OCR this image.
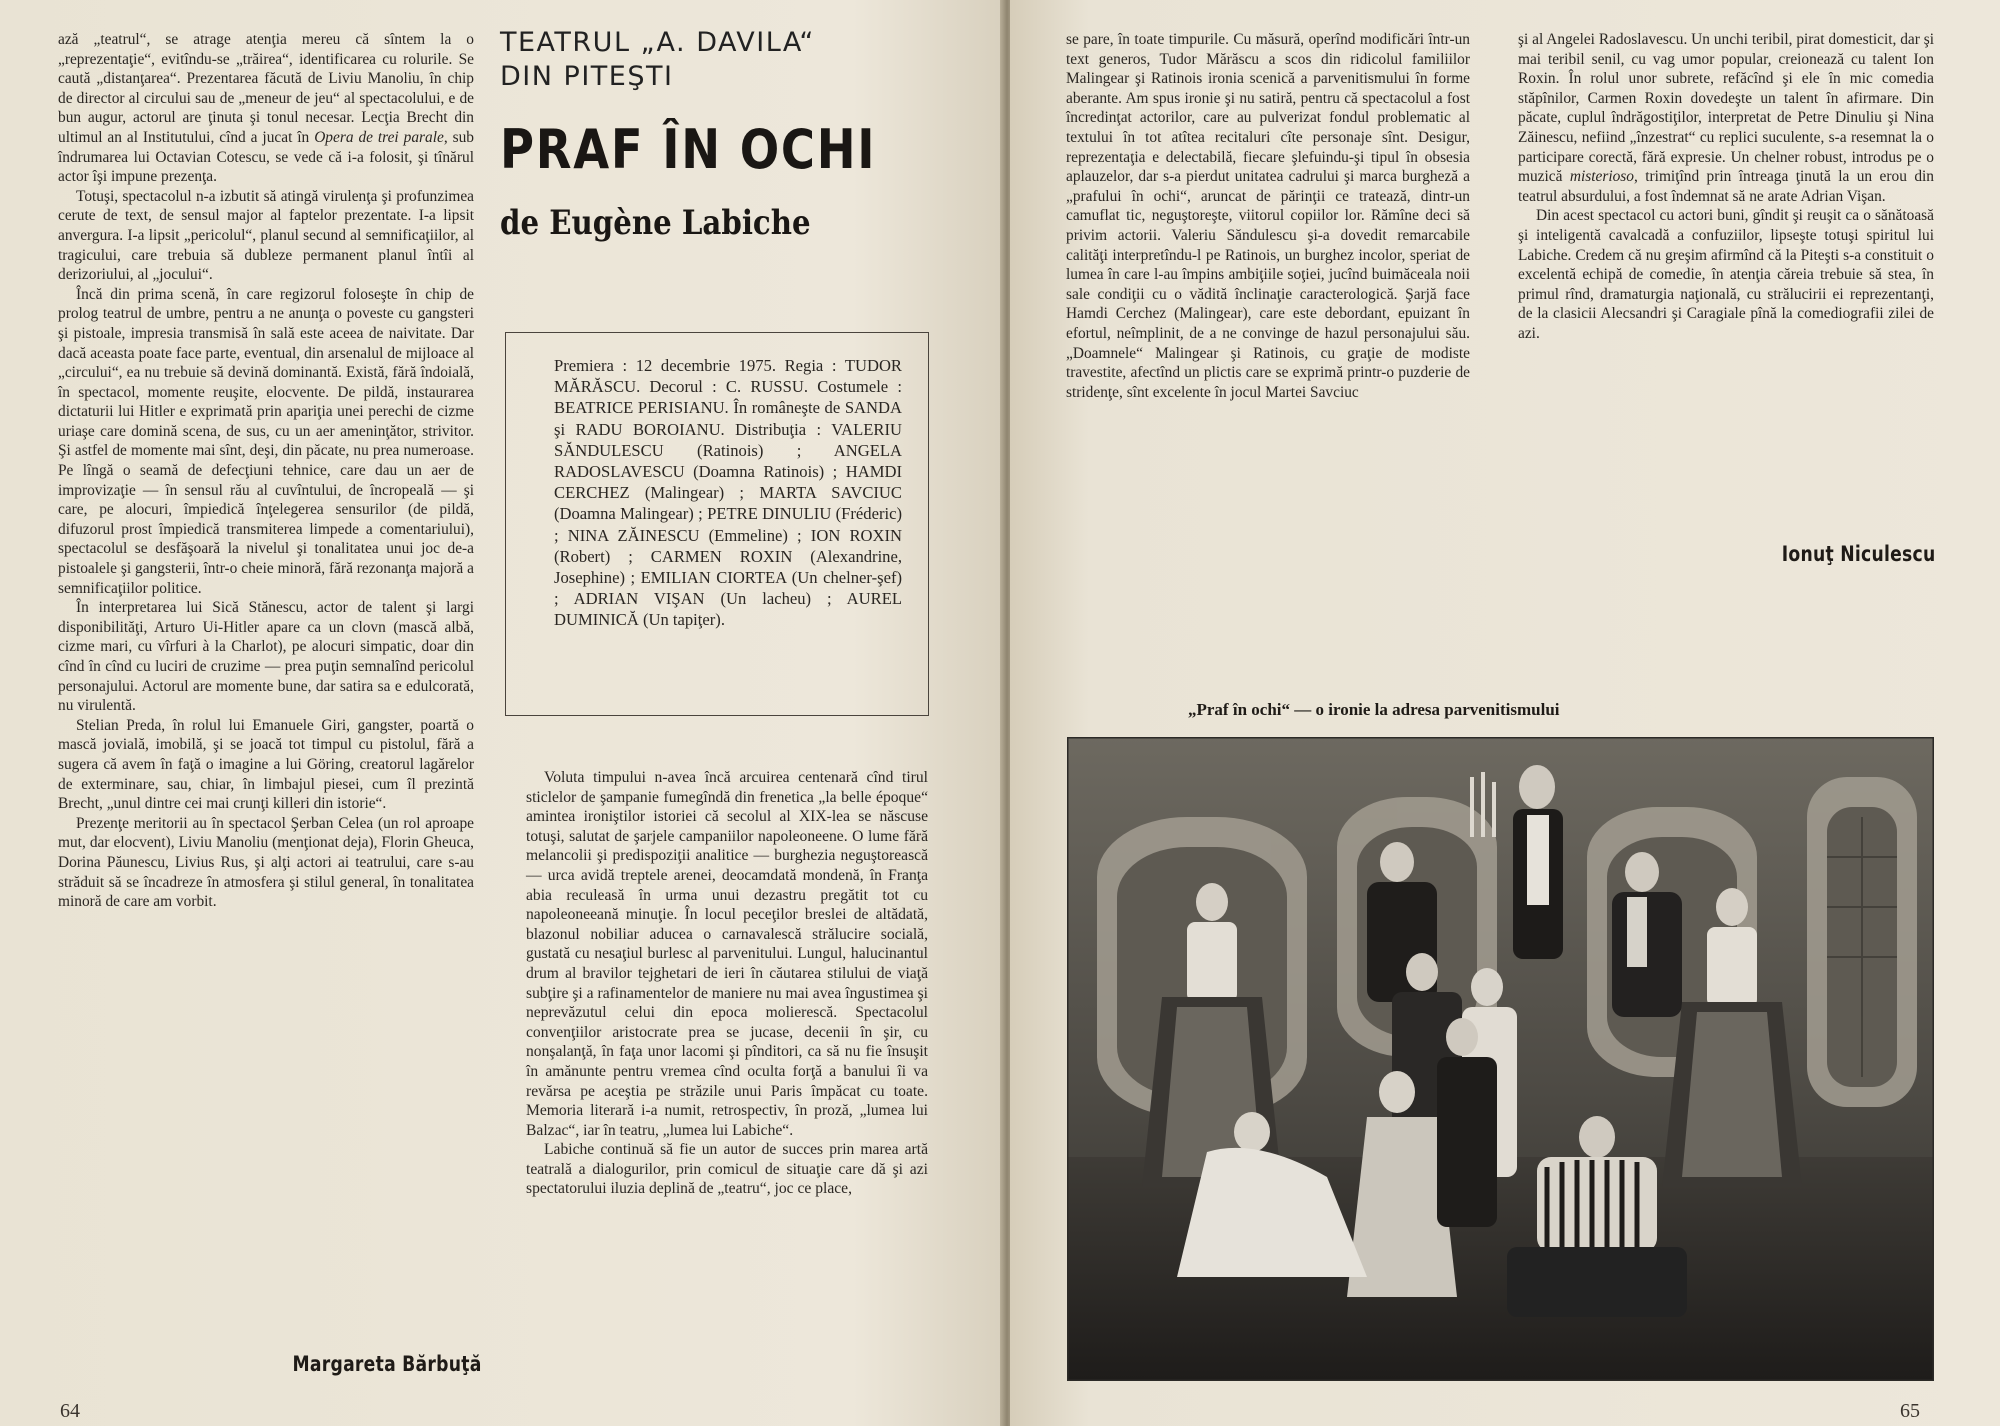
ază „teatrul“, se atrage atenţia mereu că sîntem la o „reprezentaţie“, evitîndu-se „trăirea“, identificarea cu rolurile. Se caută „distanţarea“. Prezentarea făcută de Liviu Manoliu, în chip de director al circului sau de „meneur de jeu“ al spectacolului, e de bun augur, actorul are ţinuta şi tonul necesar. Lecţia Brecht din ultimul an al Institutului, cînd a jucat în Opera de trei parale, sub îndrumarea lui Octavian Cotescu, se vede că i-a folosit, şi tînărul actor îşi impune prezenţa.

Totuşi, spectacolul n-a izbutit să atingă virulenţa şi profunzimea cerute de text, de sensul major al faptelor prezentate. I-a lipsit anvergura. I-a lipsit „pericolul“, planul secund al semnificaţiilor, al tragicului, care trebuia să dubleze permanent planul întîi al derizoriului, al „jocului“.

Încă din prima scenă, în care regizorul foloseşte în chip de prolog teatrul de umbre, pentru a ne anunţa o poveste cu gangsteri şi pistoale, impresia transmisă în sală este aceea de naivitate. Dar dacă aceasta poate face parte, eventual, din arsenalul de mijloace al „circului“, ea nu trebuie să devină dominantă. Există, fără îndoială, în spectacol, momente reuşite, elocvente. De pildă, instaurarea dictaturii lui Hitler e exprimată prin apariţia unei perechi de cizme uriaşe care domină scena, de sus, cu un aer ameninţător, strivitor. Şi astfel de momente mai sînt, deşi, din păcate, nu prea numeroase. Pe lîngă o seamă de defecţiuni tehnice, care dau un aer de improvizaţie — în sensul rău al cuvîntului, de încropeală — şi care, pe alocuri, împiedică înţelegerea sensurilor (de pildă, difuzorul prost împiedică transmiterea limpede a comentariului), spectacolul se desfăşoară la nivelul şi tonalitatea unui joc de-a pistoalele şi gangsterii, într-o cheie minoră, fără rezonanţa majoră a semnificaţiilor politice.

În interpretarea lui Sică Stănescu, actor de talent şi largi disponibilităţi, Arturo Ui-Hitler apare ca un clovn (mască albă, cizme mari, cu vîrfuri à la Charlot), pe alocuri simpatic, doar din cînd în cînd cu luciri de cruzime — prea puţin semnalînd pericolul personajului. Actorul are momente bune, dar satira sa e edulcorată, nu virulentă.

Stelian Preda, în rolul lui Emanuele Giri, gangster, poartă o mască jovială, imobilă, şi se joacă tot timpul cu pistolul, fără a sugera că avem în faţă o imagine a lui Göring, creatorul lagărelor de exterminare, sau, chiar, în limbajul piesei, cum îl prezintă Brecht, „unul dintre cei mai crunţi killeri din istorie“.

Prezenţe meritorii au în spectacol Şerban Celea (un rol aproape mut, dar elocvent), Liviu Manoliu (menţionat deja), Florin Gheuca, Dorina Păunescu, Livius Rus, şi alţi actori ai teatrului, care s-au străduit să se încadreze în atmosfera şi stilul general, în tonalitatea minoră de care am vorbit.

Margareta Bărbuţă
64
TEATRUL „A. DAVILA“
DIN PITEŞTI
PRAF ÎN OCHI
de Eugène Labiche

Premiera : 12 decembrie 1975. Regia : TUDOR MĂRĂSCU. Decorul : C. RUSSU. Costumele : BEATRICE PERISIANU. În româneşte de SANDA şi RADU BOROIANU. Distribuţia : VALERIU SĂNDULESCU (Ratinois) ; ANGELA RADOSLAVESCU (Doamna Ratinois) ; HAMDI CERCHEZ (Malingear) ; MARTA SAVCIUC (Doamna Malingear) ; PETRE DINULIU (Fréderic) ; NINA ZĂINESCU (Emmeline) ; ION ROXIN (Robert) ; CARMEN ROXIN (Alexandrine, Josephine) ; EMILIAN CIORTEA (Un chelner-şef) ; ADRIAN VIŞAN (Un lacheu) ; AUREL DUMINICĂ (Un tapiţer).

Voluta timpului n-avea încă arcuirea centenară cînd tirul sticlelor de şampanie fumegîndă din frenetica „la belle époque“ amintea ironiştilor istoriei că secolul al XIX-lea se născuse totuşi, salutat de şarjele campaniilor napoleoneene. O lume fără melancolii şi predispoziţii analitice — burghezia neguştorească — urca avidă treptele arenei, deocamdată mondenă, în Franţa abia reculeasă în urma unui dezastru pregătit tot cu napoleoneeană minuţie. În locul peceţilor breslei de altădată, blazonul nobiliar aducea o carnavalescă strălucire socială, gustată cu nesaţiul burlesc al parvenitului. Lungul, halucinantul drum al bravilor tejghetari de ieri în căutarea stilului de viaţă subţire şi a rafinamentelor de maniere nu mai avea îngustimea şi neprevăzutul celui din epoca molierescă. Spectacolul convenţiilor aristocrate prea se jucase, decenii în şir, cu nonşalanţă, în faţa unor lacomi şi pînditori, ca să nu fie însuşit în amănunte pentru vremea cînd oculta forţă a banului îi va revărsa pe aceştia pe străzile unui Paris împăcat cu toate. Memoria literară i-a numit, retrospectiv, în proză, „lumea lui Balzac“, iar în teatru, „lumea lui Labiche“.

Labiche continuă să fie un autor de succes prin marea artă teatrală a dialogurilor, prin comicul de situaţie care dă şi azi spectatorului iluzia deplină de „teatru“, joc ce place,

se pare, în toate timpurile. Cu măsură, operînd modificări într-un text generos, Tudor Mărăscu a scos din ridicolul familiilor Malingear şi Ratinois ironia scenică a parvenitismului în forme aberante. Am spus ironie şi nu satiră, pentru că spectacolul a fost încredinţat actorilor, care au pulverizat fondul problematic al textului în tot atîtea recitaluri cîte personaje sînt. Desigur, reprezentaţia e delectabilă, fiecare şlefuindu-şi tipul în obsesia aplauzelor, dar s-a pierdut unitatea cadrului şi marca burgheză a „prafului în ochi“, aruncat de părinţii ce tratează, dintr-un camuflat tic, neguştoreşte, viitorul copiilor lor. Rămîne deci să privim actorii. Valeriu Săndulescu şi-a dovedit remarcabile calităţi interpretîndu-l pe Ratinois, un burghez incolor, speriat de lumea în care l-au împins ambiţiile soţiei, jucînd buimăceala noii sale condiţii cu o vădită înclinaţie caracterologică. Şarjă face Hamdi Cerchez (Malingear), care este debordant, epuizant în efortul, neîmplinit, de a ne convinge de hazul personajului său. „Doamnele“ Malingear şi Ratinois, cu graţie de modiste travestite, afectînd un plictis care se exprimă printr-o puzderie de stridenţe, sînt excelente în jocul Martei Savciuc

şi al Angelei Radoslavescu. Un unchi teribil, pirat domesticit, dar şi mai teribil senil, cu vag umor popular, creionează cu talent Ion Roxin. În rolul unor subrete, refăcînd şi ele în mic comedia stăpînilor, Carmen Roxin dovedeşte un talent în afirmare. Din păcate, cuplul îndrăgostiţilor, interpretat de Petre Dinuliu şi Nina Zăinescu, nefiind „înzestrat“ cu replici suculente, s-a resemnat la o participare corectă, fără expresie. Un chelner robust, introdus pe o muzică misterioso, trimiţînd prin întreaga ţinută la un erou din teatrul absurdului, a fost îndemnat să ne arate Adrian Vişan.

Din acest spectacol cu actori buni, gîndit şi reuşit ca o sănătoasă şi inteligentă cavalcadă a confuziilor, lipseşte totuşi spiritul lui Labiche. Credem că nu greşim afirmînd că la Piteşti s-a constituit o excelentă echipă de comedie, în atenţia căreia trebuie să stea, în primul rînd, dramaturgia naţională, cu strălucirii ei reprezentanţi, de la clasicii Alecsandri şi Caragiale pînă la comediografii zilei de azi.

Ionuţ Niculescu
„Praf în ochi“ — o ironie la adresa parvenitismului
65
